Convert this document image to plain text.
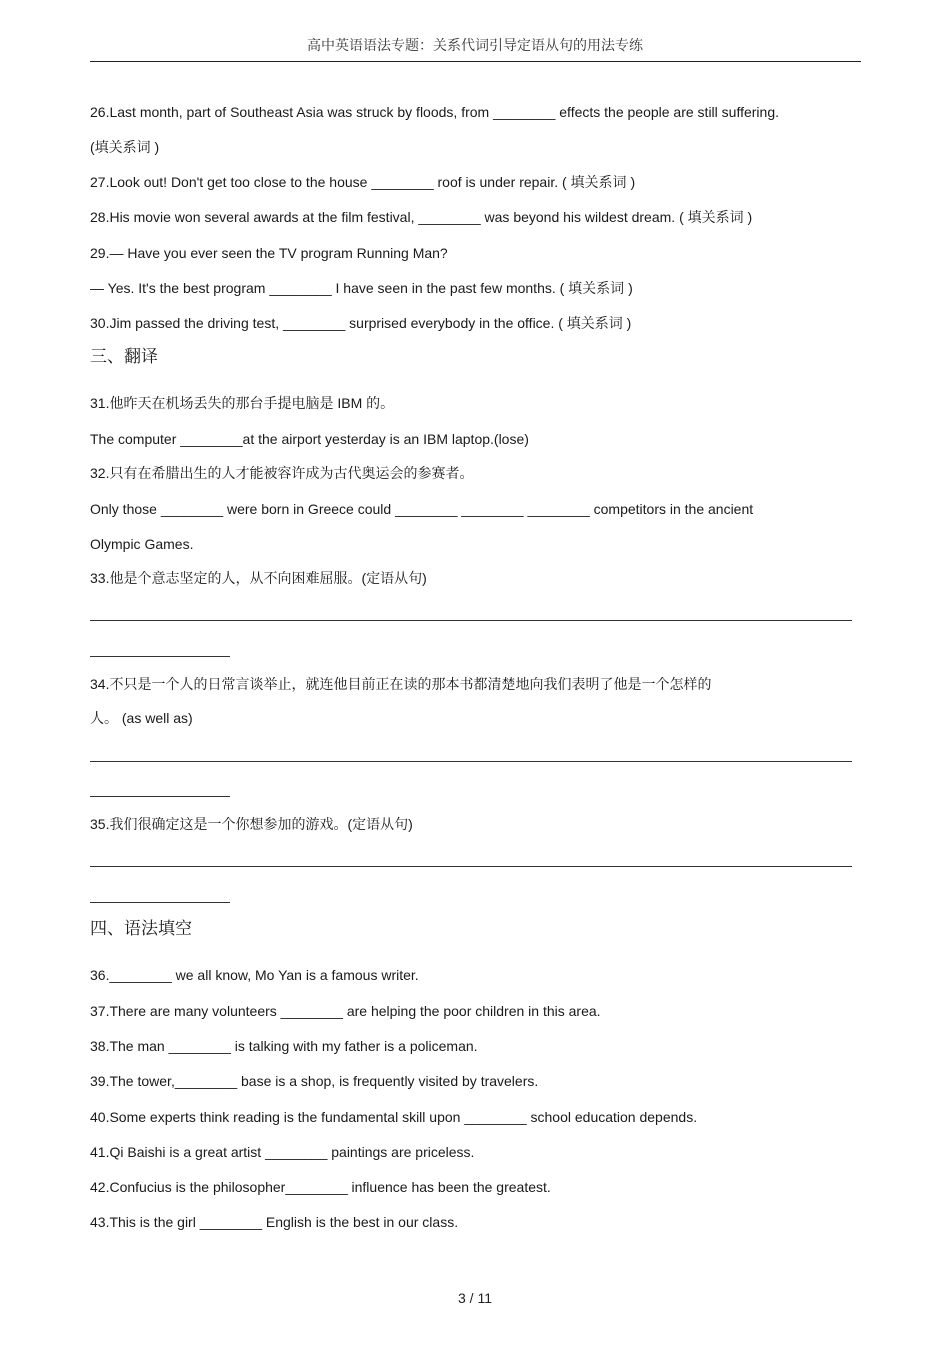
高中英语语法专题：关系代词引导定语从句的用法专练
26.Last month, part of Southeast Asia was struck by floods, from ________ effects the people are still suffering.
(填关系词 )
27.Look out! Don't get too close to the house ________ roof is under repair. ( 填关系词 )
28.His movie won several awards at the film festival, ________ was beyond his wildest dream. ( 填关系词 )
29.— Have you ever seen the TV program Running Man?
— Yes. It's the best program ________ I have seen in the past few months. ( 填关系词 )
30.Jim passed the driving test, ________ surprised everybody in the office. ( 填关系词 )
三、翻译
31.他昨天在机场丢失的那台手提电脑是 IBM 的。
The computer ________at the airport yesterday is an IBM laptop.(lose)
32.只有在希腊出生的人才能被容许成为古代奥运会的参赛者。
Only those ________ were born in Greece could ________ ________ ________ competitors in the ancient
Olympic Games.
33.他是个意志坚定的人，从不向困难屈服。(定语从句)
34.不只是一个人的日常言谈举止，就连他目前正在读的那本书都清楚地向我们表明了他是一个怎样的
人。 (as well as)
35.我们很确定这是一个你想参加的游戏。(定语从句)
四、语法填空
36.________ we all know, Mo Yan is a famous writer.
37.There are many volunteers ________ are helping the poor children in this area.
38.The man ________ is talking with my father is a policeman.
39.The tower,________ base is a shop, is frequently visited by travelers.
40.Some experts think reading is the fundamental skill upon ________ school education depends.
41.Qi Baishi is a great artist ________ paintings are priceless.
42.Confucius is the philosopher________ influence has been the greatest.
43.This is the girl ________ English is the best in our class.
3 / 11
